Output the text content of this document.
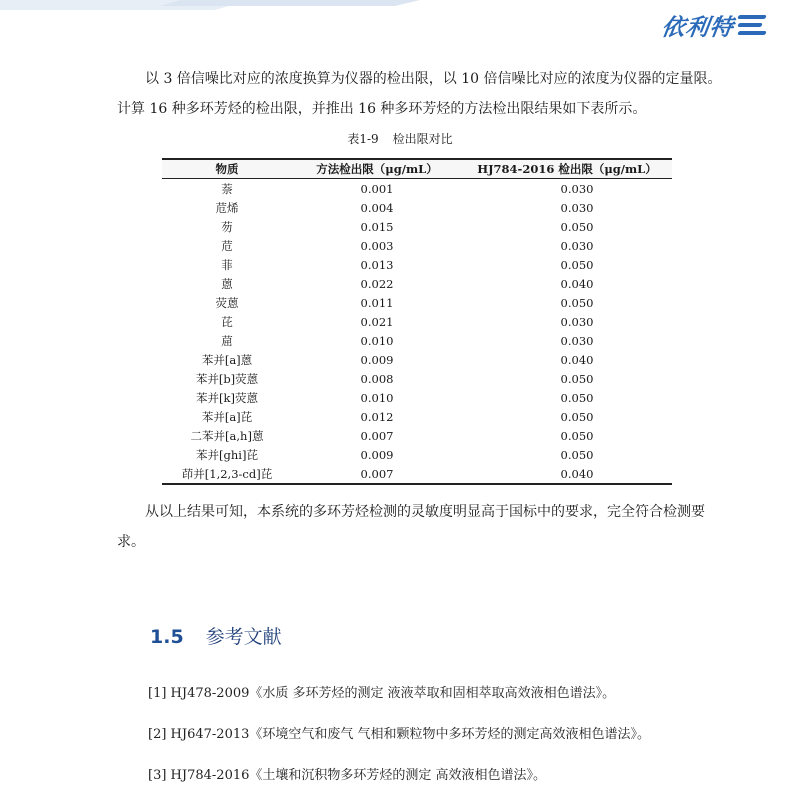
依利特
以 3 倍信噪比对应的浓度换算为仪器的检出限，以 10 倍信噪比对应的浓度为仪器的定量限。计算 16 种多环芳烃的检出限，并推出 16 种多环芳烃的方法检出限结果如下表所示。
表1-9 检出限对比
物质	方法检出限（μg/mL）	HJ784-2016 检出限（μg/mL）
萘	0.001	0.030
苊烯	0.004	0.030
芴	0.015	0.050
苊	0.003	0.030
菲	0.013	0.050
蒽	0.022	0.040
荧蒽	0.011	0.050
芘	0.021	0.030
䓛	0.010	0.030
苯并[a]蒽	0.009	0.040
苯并[b]荧蒽	0.008	0.050
苯并[k]荧蒽	0.010	0.050
苯并[a]芘	0.012	0.050
二苯并[a,h]蒽	0.007	0.050
苯并[ghi]芘	0.009	0.050
茚并[1,2,3-cd]芘	0.007	0.040
从以上结果可知，本系统的多环芳烃检测的灵敏度明显高于国标中的要求，完全符合检测要求。
1.5 参考文献
[1] HJ478-2009《水质 多环芳烃的测定 液液萃取和固相萃取高效液相色谱法》。
[2] HJ647-2013《环境空气和废气 气相和颗粒物中多环芳烃的测定高效液相色谱法》。
[3] HJ784-2016《土壤和沉积物多环芳烃的测定 高效液相色谱法》。
